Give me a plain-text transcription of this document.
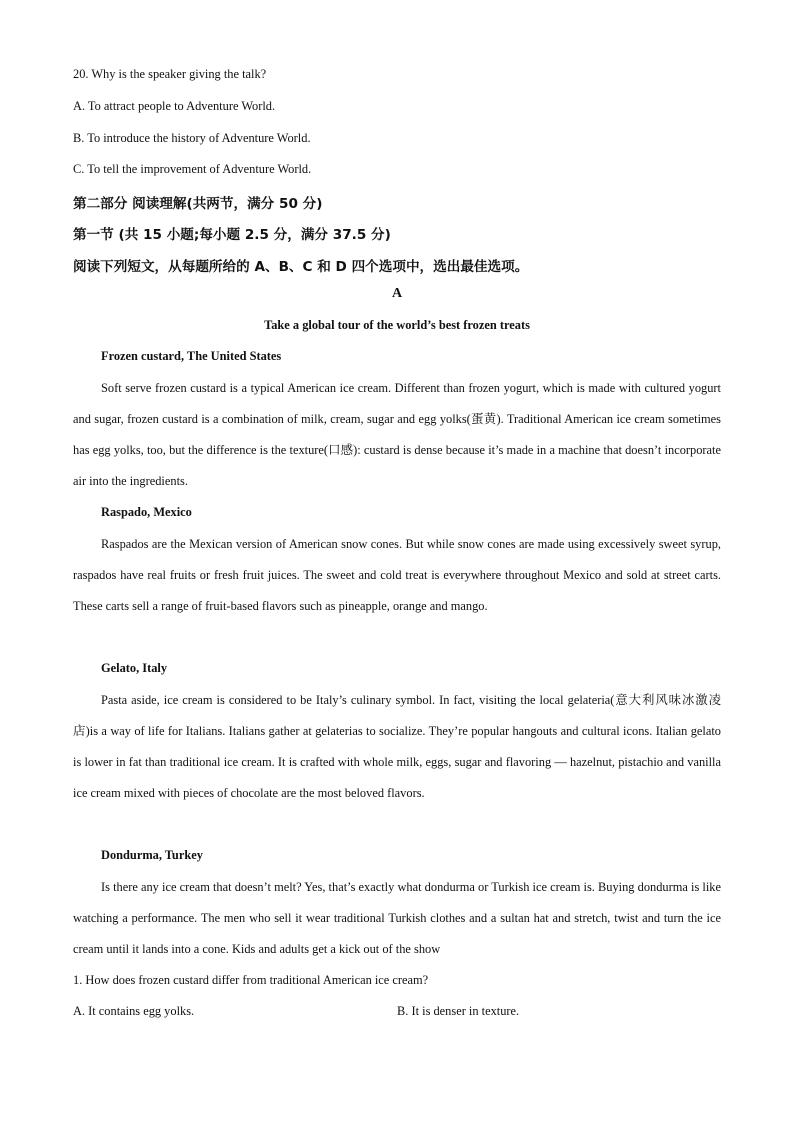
20. Why is the speaker giving the talk?
A. To attract people to Adventure World.
B. To introduce the history of Adventure World.
C. To tell the improvement of Adventure World.
第二部分 阅读理解(共两节，满分 50 分)
第一节 (共 15 小题;每小题 2.5 分，满分 37.5 分)
阅读下列短文，从每题所给的 A、B、C 和 D 四个选项中，选出最佳选项。
A
Take a global tour of the world’s best frozen treats
Frozen custard, The United States

Soft serve frozen custard is a typical American ice cream. Different than frozen yogurt, which is made with cultured yogurt and sugar, frozen custard is a combination of milk, cream, sugar and egg yolks(蛋黄). Traditional American ice cream sometimes has egg yolks, too, but the difference is the texture(口感): custard is dense because it’s made in a machine that doesn’t incorporate air into the ingredients.

Raspado, Mexico

Raspados are the Mexican version of American snow cones. But while snow cones are made using excessively sweet syrup, raspados have real fruits or fresh fruit juices. The sweet and cold treat is everywhere throughout Mexico and sold at street carts. These carts sell a range of fruit-based flavors such as pineapple, orange and mango.

Gelato, Italy

Pasta aside, ice cream is considered to be Italy’s culinary symbol. In fact, visiting the local gelateria(意大利风味冰激凌店)is a way of life for Italians. Italians gather at gelaterias to socialize. They’re popular hangouts and cultural icons. Italian gelato is lower in fat than traditional ice cream. It is crafted with whole milk, eggs, sugar and flavoring — hazelnut, pistachio and vanilla ice cream mixed with pieces of chocolate are the most beloved flavors.

Dondurma, Turkey

Is there any ice cream that doesn’t melt? Yes, that’s exactly what dondurma or Turkish ice cream is. Buying dondurma is like watching a performance. The men who sell it wear traditional Turkish clothes and a sultan hat and stretch, twist and turn the ice cream until it lands into a cone. Kids and adults get a kick out of the show

1. How does frozen custard differ from traditional American ice cream?
A. It contains egg yolks.	B. It is denser in texture.
